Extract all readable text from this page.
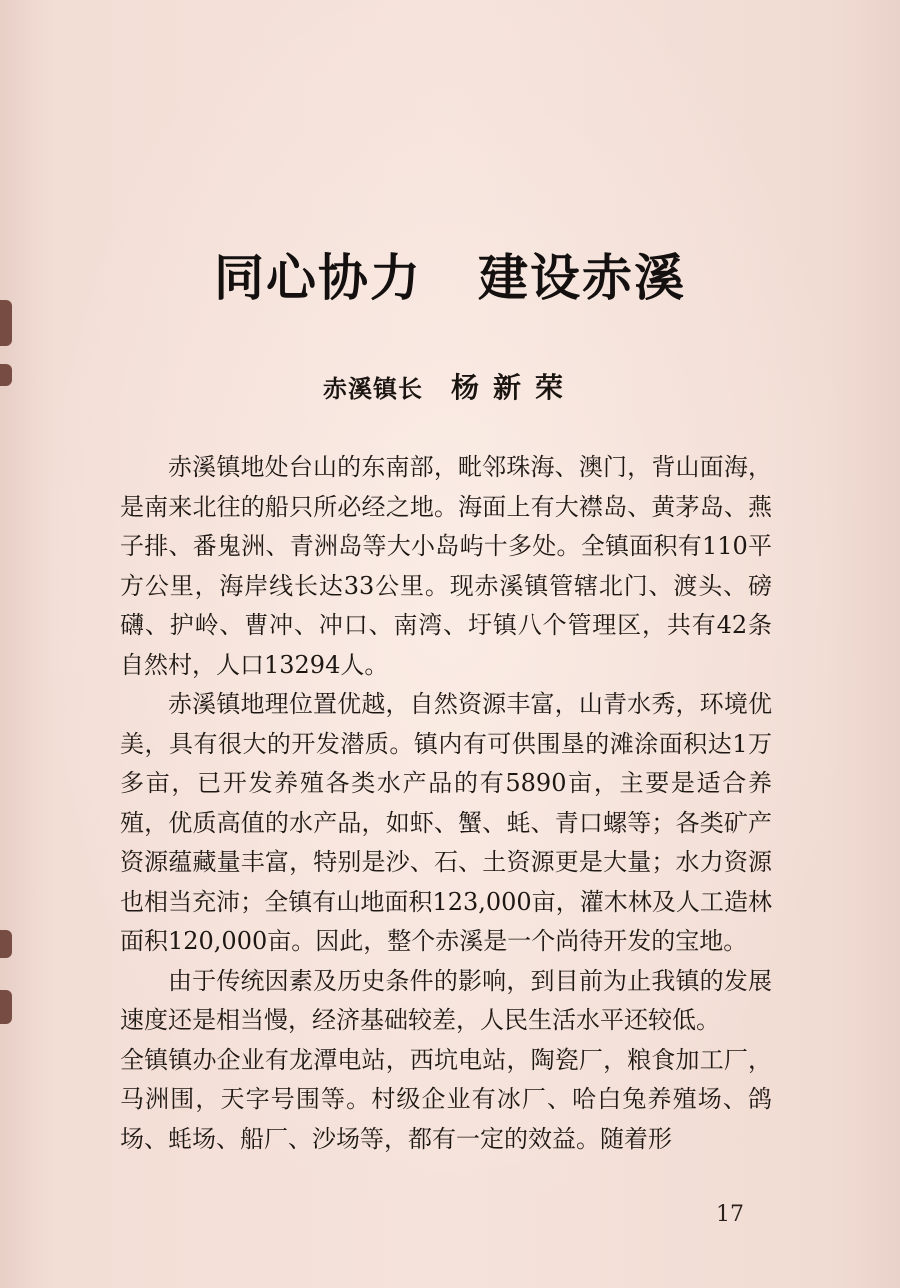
同心协力 建设赤溪
赤溪镇长 杨新荣

赤溪镇地处台山的东南部，毗邻珠海、澳门，背山面海，是南来北往的船只所必经之地。海面上有大襟岛、黄茅岛、燕子排、番鬼洲、青洲岛等大小岛屿十多处。全镇面积有110平方公里，海岸线长达33公里。现赤溪镇管辖北门、渡头、磅礴、护岭、曹冲、冲口、南湾、圩镇八个管理区，共有42条自然村，人口13294人。

赤溪镇地理位置优越，自然资源丰富，山青水秀，环境优美，具有很大的开发潜质。镇内有可供围垦的滩涂面积达1万多亩，已开发养殖各类水产品的有5890亩，主要是适合养殖，优质高值的水产品，如虾、蟹、蚝、青口螺等；各类矿产资源蕴藏量丰富，特别是沙、石、土资源更是大量；水力资源也相当充沛；全镇有山地面积123,000亩，灌木林及人工造林面积120,000亩。因此，整个赤溪是一个尚待开发的宝地。

由于传统因素及历史条件的影响，到目前为止我镇的发展速度还是相当慢，经济基础较差，人民生活水平还较低。

全镇镇办企业有龙潭电站，西坑电站，陶瓷厂，粮食加工厂，马洲围，天字号围等。村级企业有冰厂、哈白兔养殖场、鸽场、蚝场、船厂、沙场等，都有一定的效益。随着形

17
